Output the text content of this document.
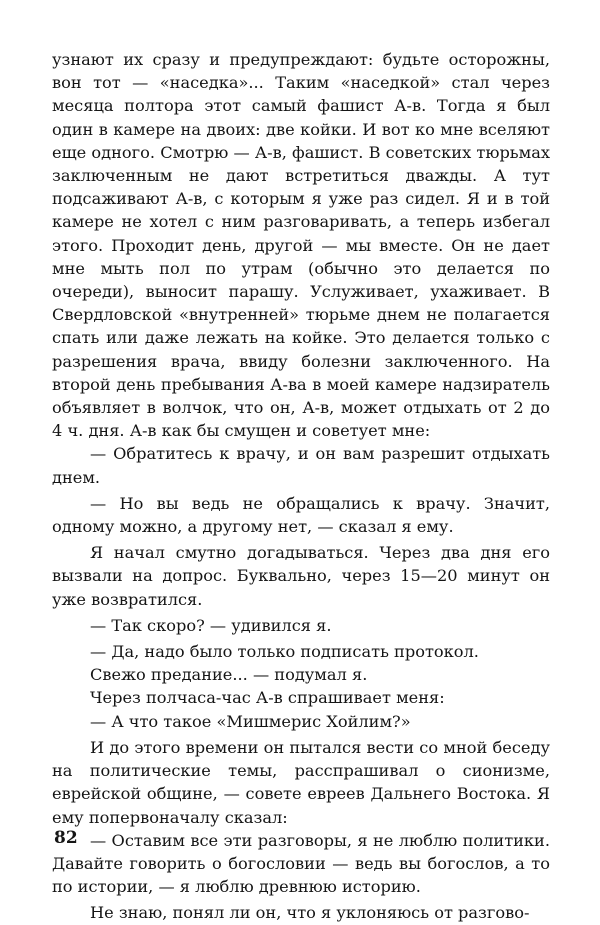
узнают их сразу и предупреждают: будьте осторожны, вон тот — «наседка»... Таким «наседкой» стал через месяца полтора этот самый фашист А-в. Тогда я был один в камере на двоих: две койки. И вот ко мне вселяют еще одного. Смотрю — А-в, фашист. В советских тюрьмах заключенным не дают встретиться дважды. А тут подсаживают А-в, с которым я уже раз сидел. Я и в той камере не хотел с ним разговаривать, а теперь избегал этого. Проходит день, другой — мы вместе. Он не дает мне мыть пол по утрам (обычно это делается по очереди), выносит парашу. Услуживает, ухаживает. В Свердловской «внутренней» тюрьме днем не полагается спать или даже лежать на койке. Это делается только с разрешения врача, ввиду болезни заключенного. На второй день пребывания А-ва в моей камере надзиратель объявляет в волчок, что он, А-в, может отдыхать от 2 до 4 ч. дня. А-в как бы смущен и советует мне:

— Обратитесь к врачу, и он вам разрешит отдыхать днем.

— Но вы ведь не обращались к врачу. Значит, одному можно, а другому нет, — сказал я ему.

Я начал смутно догадываться. Через два дня его вызвали на допрос. Буквально, через 15—20 минут он уже возвратился.

— Так скоро? — удивился я.

— Да, надо было только подписать протокол.

Свежо предание... — подумал я.

Через полчаса-час А-в спрашивает меня:

— А что такое «Мишмерис Хойлим?»

И до этого времени он пытался вести со мной беседу на политические темы, расспрашивал о сионизме, еврейской общине, — совете евреев Дальнего Востока. Я ему попервоначалу сказал:

— Оставим все эти разговоры, я не люблю политики. Давайте говорить о богословии — ведь вы богослов, а то по истории, — я люблю древнюю историю.

Не знаю, понял ли он, что я уклоняюсь от разгово-

82
